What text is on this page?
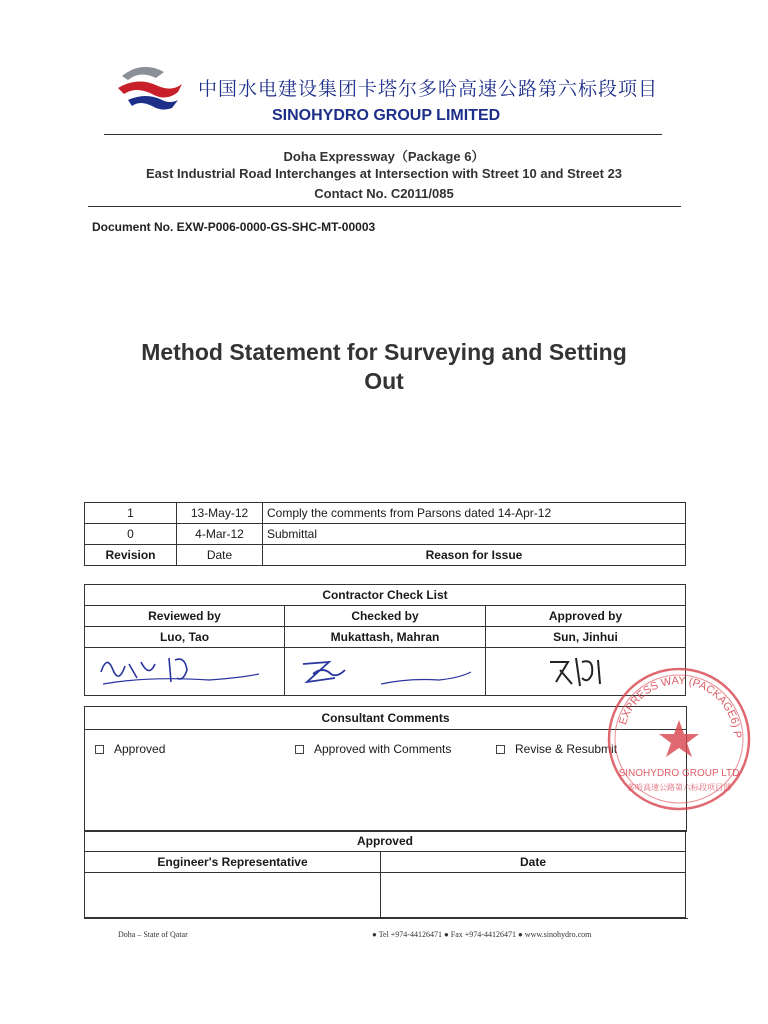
中国水电建设集团卡塔尔多哈高速公路第六标段项目
SINOHYDRO GROUP LIMITED
Doha Expressway（Package 6）
East Industrial Road Interchanges at Intersection with Street 10 and Street 23
Contact No. C2011/085
Document No. EXW-P006-0000-GS-SHC-MT-00003
Method Statement for Surveying and Setting
Out
1	13-May-12	Comply the comments from Parsons dated 14-Apr-12
0	4-Mar-12	Submittal
Revision	Date	Reason for Issue
Contractor Check List		
Reviewed by	Checked by	Approved by
Luo, Tao	Mukattash, Mahran	Sun, Jinhui

Consultant Comments
Approved	Approved with Comments	Revise & Resubmit
Approved	
Engineer's Representative	Date

EXPRESS WAY (PACKAGE6) P
SINOHYDRO GROUP LTD
多哈高速公路第六标段项目部
Doha – State of Qatar	● Tel +974-44126471 ● Fax +974-44126471 ● www.sinohydro.com
